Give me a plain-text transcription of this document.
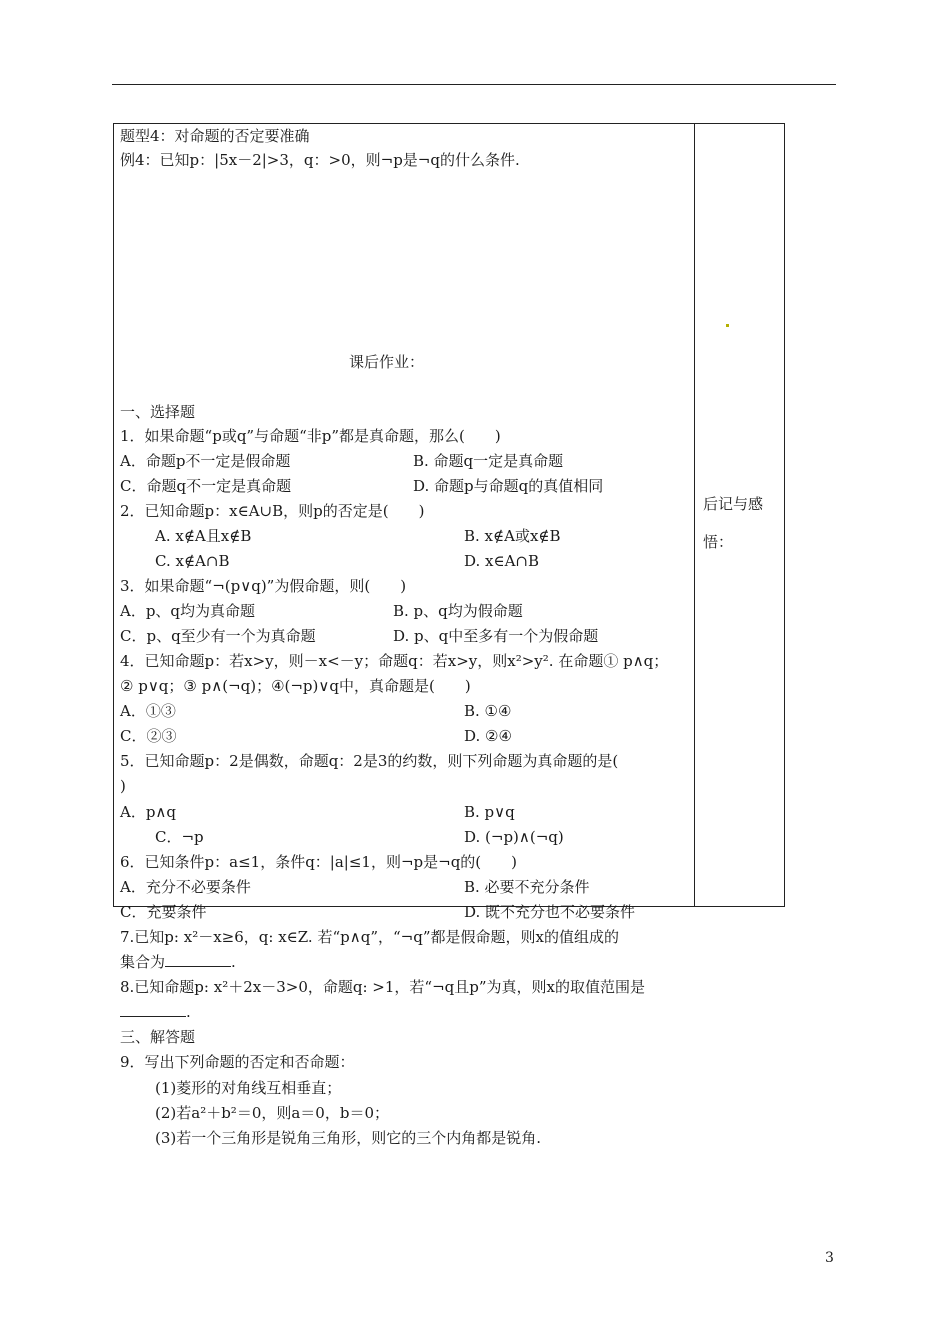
题型4：对命题的否定要准确
例4：已知p：|5x－2|>3，q：>0，则¬p是¬q的什么条件.
课后作业：
一、选择题
1．如果命题“p或q”与命题“非p”都是真命题，那么(　　)
A．命题p不一定是假命题	B. 命题q一定是真命题
C．命题q不一定是真命题	D. 命题p与命题q的真值相同
2．已知命题p：x∈A∪B，则p的否定是(　　)
A. x∉A且x∉B	B. x∉A或x∉B
C. x∉A∩B	D. x∈A∩B
3．如果命题“¬(p∨q)”为假命题，则(　　)
A．p、q均为真命题	B. p、q均为假命题
C．p、q至少有一个为真命题	D. p、q中至多有一个为假命题
4．已知命题p：若x>y，则－x<－y；命题q：若x>y，则x²>y². 在命题① p∧q；
② p∨q；③ p∧(¬q)；④(¬p)∨q中，真命题是(　　)
A．①③	B. ①④
C．②③	D. ②④
5．已知命题p：2是偶数，命题q：2是3的约数，则下列命题为真命题的是(
)
A．p∧q	B. p∨q
C．¬p	D. (¬p)∧(¬q)
6．已知条件p：a≤1，条件q：|a|≤1，则¬p是¬q的(　　)
A．充分不必要条件	B. 必要不充分条件
C．充要条件	D. 既不充分也不必要条件
7.已知p: x²－x≥6，q: x∈Z. 若“p∧q”，“¬q”都是假命题，则x的值组成的
集合为	.
8.已知命题p: x²＋2x－3>0，命题q: >1，若“¬q且p”为真，则x的取值范围是
.
三、解答题
9．写出下列命题的否定和否命题：
(1)菱形的对角线互相垂直；
(2)若a²＋b²＝0，则a＝0，b＝0；
(3)若一个三角形是锐角三角形，则它的三个内角都是锐角.
后记与感
悟：
3
